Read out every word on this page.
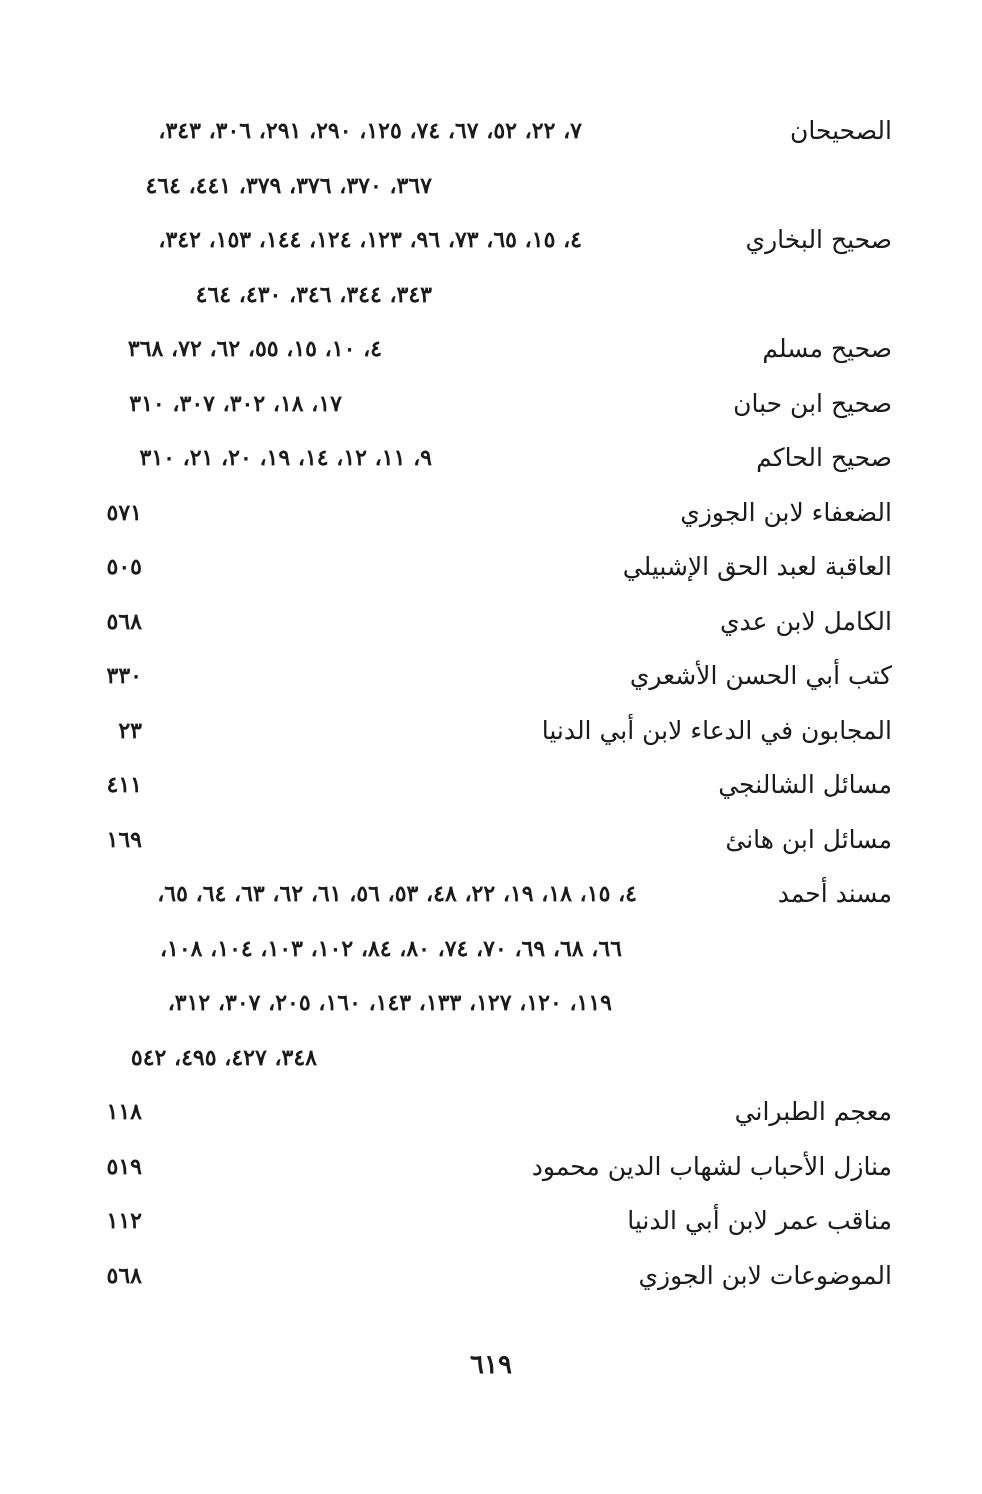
الصحيحان
٧، ٢٢، ٥٢، ٦٧، ٧٤، ١٢٥، ٢٩٠، ٢٩١، ٣٠٦، ٣٤٣،
٣٦٧، ٣٧٠، ٣٧٦، ٣٧٩، ٤٤١، ٤٦٤
صحيح البخاري
٤، ١٥، ٦٥، ٧٣، ٩٦، ١٢٣، ١٢٤، ١٤٤، ١٥٣، ٣٤٢،
٣٤٣، ٣٤٤، ٣٤٦، ٤٣٠، ٤٦٤
صحيح مسلم
٤، ١٠، ١٥، ٥٥، ٦٢، ٧٢، ٣٦٨
صحيح ابن حبان
١٧، ١٨، ٣٠٢، ٣٠٧، ٣١٠
صحيح الحاكم
٩، ١١، ١٢، ١٤، ١٩، ٢٠، ٢١، ٣١٠
الضعفاء لابن الجوزي
٥٧١
العاقبة لعبد الحق الإشبيلي
٥٠٥
الكامل لابن عدي
٥٦٨
كتب أبي الحسن الأشعري
٣٣٠
المجابون في الدعاء لابن أبي الدنيا
٢٣
مسائل الشالنجي
٤١١
مسائل ابن هانئ
١٦٩
مسند أحمد
٤، ١٥، ١٨، ١٩، ٢٢، ٤٨، ٥٣، ٥٦، ٦١، ٦٢، ٦٣، ٦٤، ٦٥،
٦٦، ٦٨، ٦٩، ٧٠، ٧٤، ٨٠، ٨٤، ١٠٢، ١٠٣، ١٠٤، ١٠٨،
١١٩، ١٢٠، ١٢٧، ١٣٣، ١٤٣، ١٦٠، ٢٠٥، ٣٠٧، ٣١٢،
٣٤٨، ٤٢٧، ٤٩٥، ٥٤٢
معجم الطبراني
١١٨
منازل الأحباب لشهاب الدين محمود
٥١٩
مناقب عمر لابن أبي الدنيا
١١٢
الموضوعات لابن الجوزي
٥٦٨
٦١٩
